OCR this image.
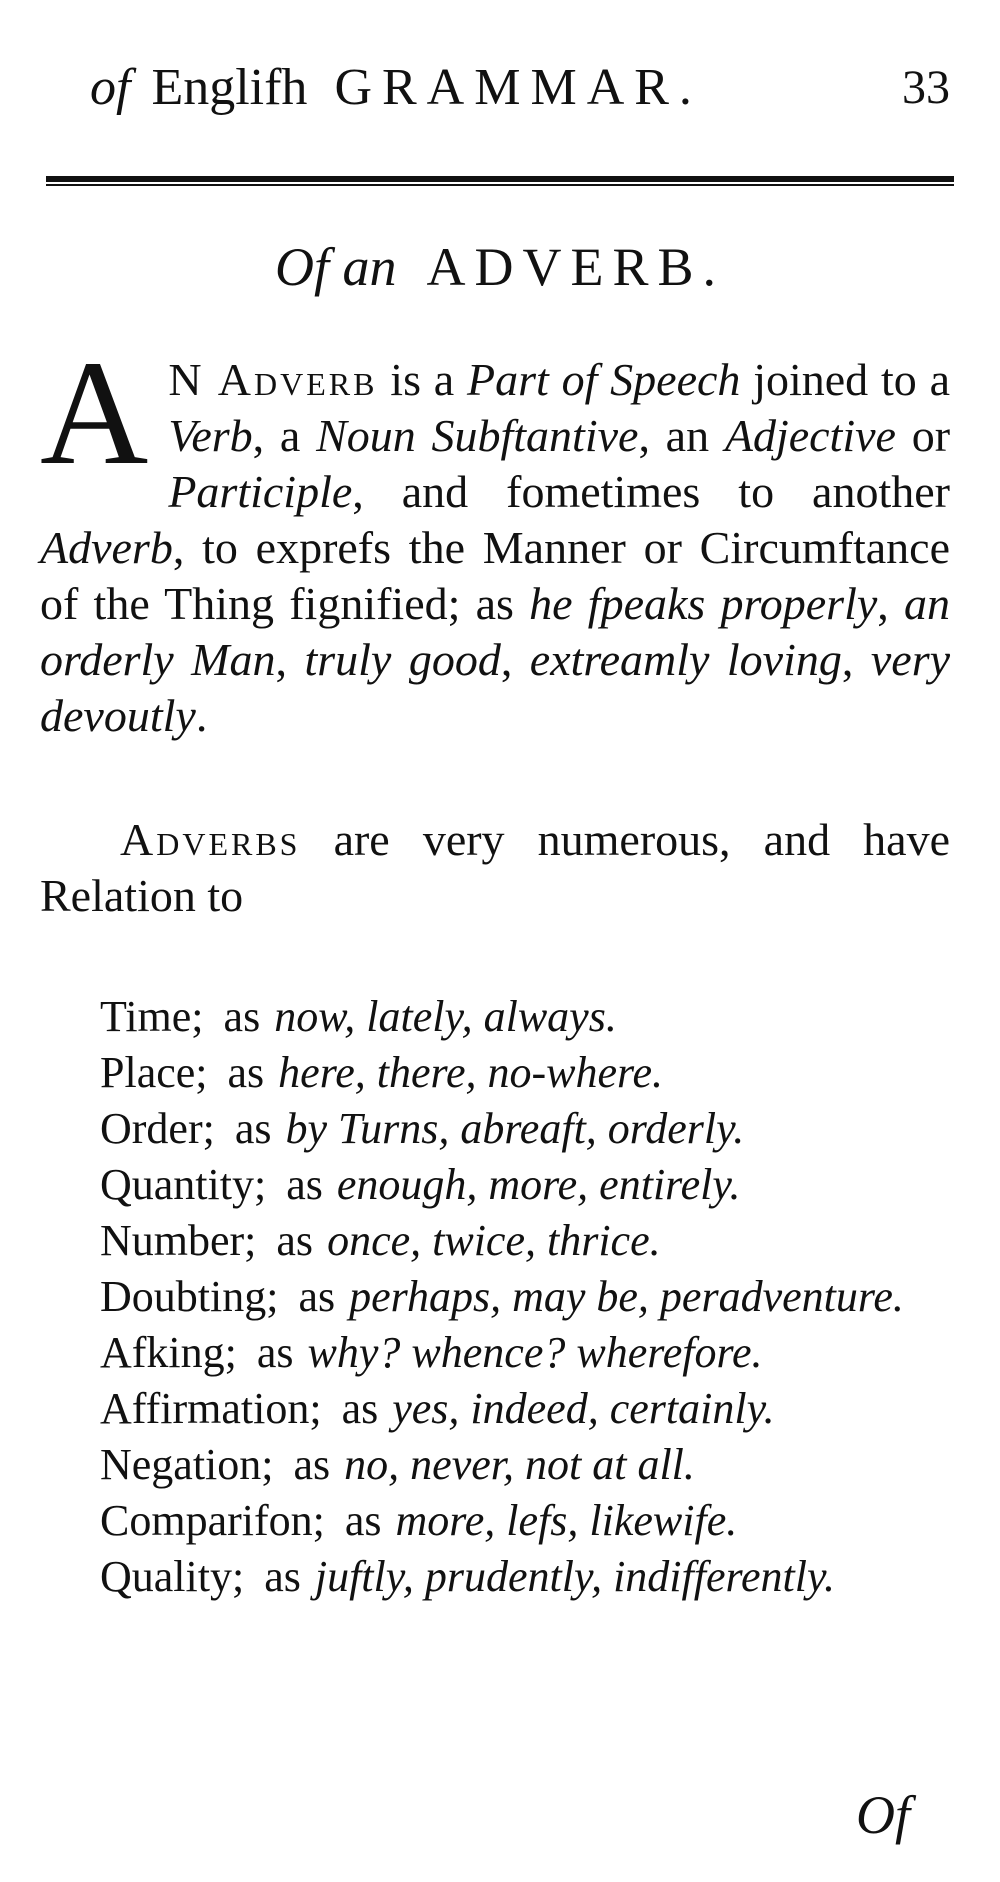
of Englifh GRAMMAR.	33
Of an ADVERB.
A N Adverb is a Part of Speech joined to a Verb, a Noun Subftantive, an Adjective or Participle, and fometimes to another Adverb, to exprefs the Manner or Circumftance of the Thing fignified; as he fpeaks properly, an orderly Man, truly good, extreamly loving, very devoutly.
Adverbs are very numerous, and have Relation to
Time; as now, lately, always.
Place; as here, there, no-where.
Order; as by Turns, abreaft, orderly.
Quantity; as enough, more, entirely.
Number; as once, twice, thrice.
Doubting; as perhaps, may be, peradventure.
Afking; as why? whence? wherefore.
Affirmation; as yes, indeed, certainly.
Negation; as no, never, not at all.
Comparifon; as more, lefs, likewife.
Quality; as juftly, prudently, indifferently.
Of
